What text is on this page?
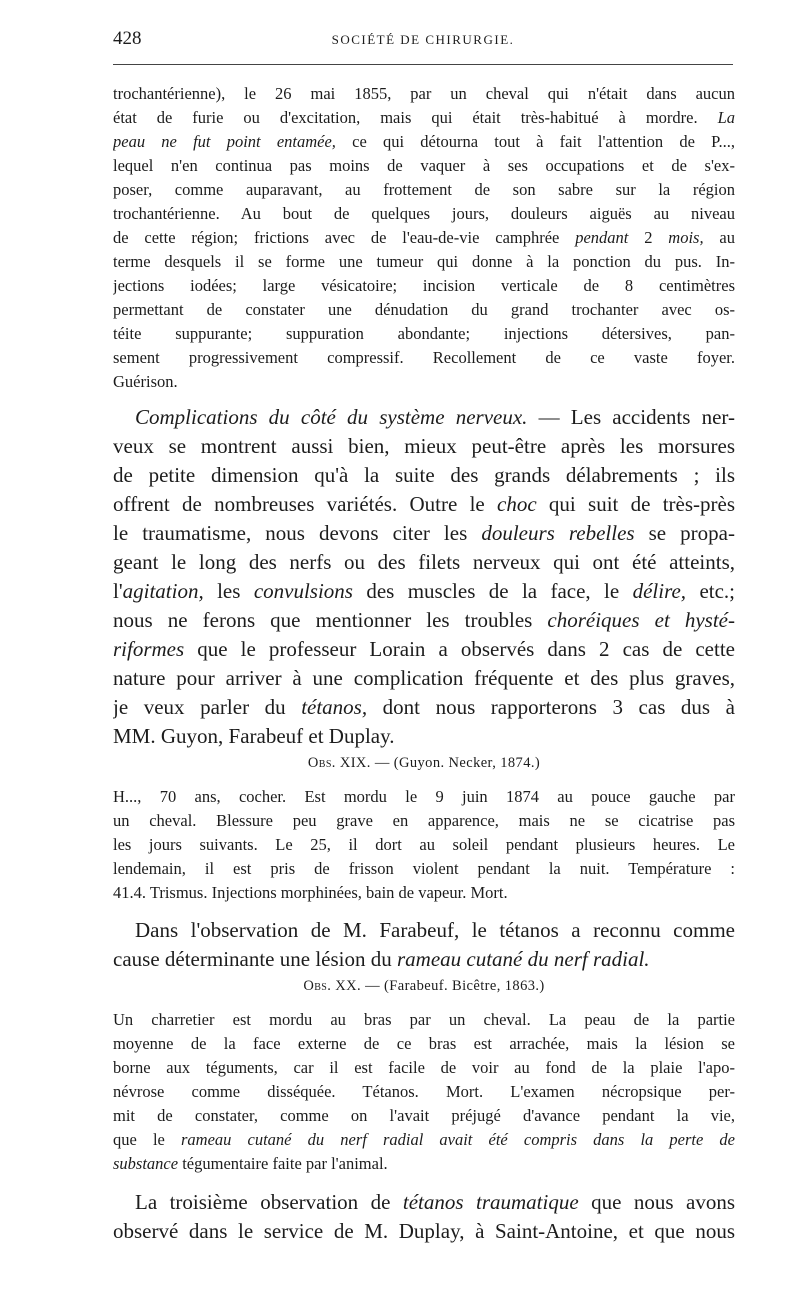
428	SOCIÉTÉ DE CHIRURGIE.
trochantérienne), le 26 mai 1855, par un cheval qui n'était dans aucun
état de furie ou d'excitation, mais qui était très-habitué à mordre. La
peau ne fut point entamée, ce qui détourna tout à fait l'attention de P...,
lequel n'en continua pas moins de vaquer à ses occupations et de s'ex-
poser, comme auparavant, au frottement de son sabre sur la région
trochantérienne. Au bout de quelques jours, douleurs aiguës au niveau
de cette région; frictions avec de l'eau-de-vie camphrée pendant 2 mois, au
terme desquels il se forme une tumeur qui donne à la ponction du pus. In-
jections iodées; large vésicatoire; incision verticale de 8 centimètres
permettant de constater une dénudation du grand trochanter avec os-
téite suppurante; suppuration abondante; injections détersives, pan-
sement progressivement compressif. Recollement de ce vaste foyer.
Guérison.
Complications du côté du système nerveux. — Les accidents ner-
veux se montrent aussi bien, mieux peut-être après les morsures
de petite dimension qu'à la suite des grands délabrements ; ils
offrent de nombreuses variétés. Outre le choc qui suit de très-près
le traumatisme, nous devons citer les douleurs rebelles se propa-
geant le long des nerfs ou des filets nerveux qui ont été atteints,
l'agitation, les convulsions des muscles de la face, le délire, etc.;
nous ne ferons que mentionner les troubles choréiques et hysté-
riformes que le professeur Lorain a observés dans 2 cas de cette
nature pour arriver à une complication fréquente et des plus graves,
je veux parler du tétanos, dont nous rapporterons 3 cas dus à
MM. Guyon, Farabeuf et Duplay.
H..., 70 ans, cocher. Est mordu le 9 juin 1874 au pouce gauche par
un cheval. Blessure peu grave en apparence, mais ne se cicatrise pas
les jours suivants. Le 25, il dort au soleil pendant plusieurs heures. Le
lendemain, il est pris de frisson violent pendant la nuit. Température :
41.4. Trismus. Injections morphinées, bain de vapeur. Mort.
Dans l'observation de M. Farabeuf, le tétanos a reconnu comme
cause déterminante une lésion du rameau cutané du nerf radial.
Un charretier est mordu au bras par un cheval. La peau de la partie
moyenne de la face externe de ce bras est arrachée, mais la lésion se
borne aux téguments, car il est facile de voir au fond de la plaie l'apo-
névrose comme disséquée. Tétanos. Mort. L'examen nécropsique per-
mit de constater, comme on l'avait préjugé d'avance pendant la vie,
que le rameau cutané du nerf radial avait été compris dans la perte de
substance tégumentaire faite par l'animal.
La troisième observation de tétanos traumatique que nous avons
observé dans le service de M. Duplay, à Saint-Antoine, et que nous
Obs. XIX. — (Guyon. Necker, 1874.)
Obs. XX. — (Farabeuf. Bicêtre, 1863.)
